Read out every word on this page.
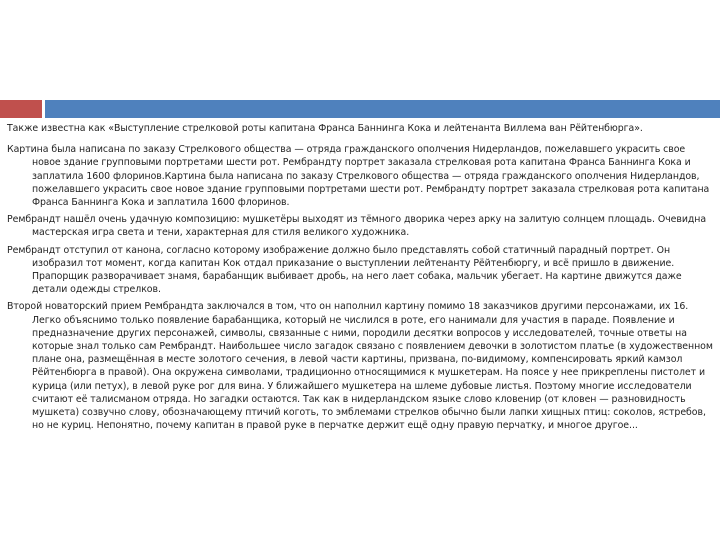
Также известна как «Выступление стрелковой роты капитана Франса Баннинга Кока и лейтенанта Виллема ван Рёйтенбюрга».

Картина была написана по заказу Стрелкового общества — отряда гражданского ополчения Нидерландов, пожелавшего украсить свое новое здание групповыми портретами шести рот. Рембрандту портрет заказала стрелковая рота капитана Франса Баннинга Кока и заплатила 1600 флоринов.Картина была написана по заказу Стрелкового общества — отряда гражданского ополчения Нидерландов, пожелавшего украсить свое новое здание групповыми портретами шести рот. Рембрандту портрет заказала стрелковая рота капитана Франса Баннинга Кока и заплатила 1600 флоринов.

Рембрандт нашёл очень удачную композицию: мушкетёры выходят из тёмного дворика через арку на залитую солнцем площадь. Очевидна мастерская игра света и тени, характерная для стиля великого художника.

Рембрандт отступил от канона, согласно которому изображение должно было представлять собой статичный парадный портрет. Он изобразил тот момент, когда капитан Кок отдал приказание о выступлении лейтенанту Рёйтенбюргу, и всё пришло в движение. Прапорщик разворачивает знамя, барабанщик выбивает дробь, на него лает собака, мальчик убегает. На картине движутся даже детали одежды стрелков.

Второй новаторский прием Рембрандта заключался в том, что он наполнил картину помимо 18 заказчиков другими персонажами, их 16. Легко объяснимо только появление барабанщика, который не числился в роте, его нанимали для участия в параде. Появление и предназначение других персонажей, символы, связанные с ними, породили десятки вопросов у исследователей, точные ответы на которые знал только сам Рембрандт. Наибольшее число загадок связано с появлением девочки в золотистом платье (в художественном плане она, размещённая в месте золотого сечения, в левой части картины, призвана, по-видимому, компенсировать яркий камзол Рёйтенбюрга в правой). Она окружена символами, традиционно относящимися к мушкетерам. На поясе у нее прикреплены пистолет и курица (или петух), в левой руке рог для вина. У ближайшего мушкетера на шлеме дубовые листья. Поэтому многие исследователи считают её талисманом отряда. Но загадки остаются. Так как в нидерландском языке слово кловенир (от кловен — разновидность мушкета) созвучно слову, обозначающему птичий коготь, то эмблемами стрелков обычно были лапки хищных птиц: соколов, ястребов, но не куриц. Непонятно, почему капитан в правой руке в перчатке держит ещё одну правую перчатку, и многое другое...
